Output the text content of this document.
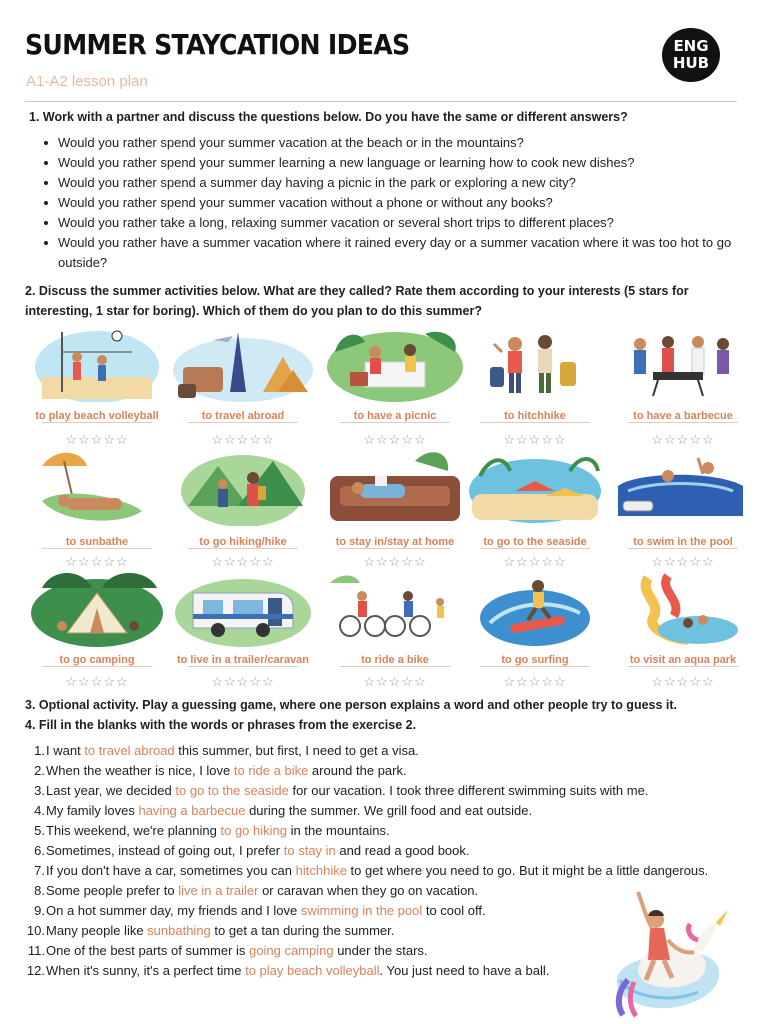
SUMMER STAYCATION IDEAS
A1-A2 lesson plan
ENG
HUB
1. Work with a partner and discuss the questions below. Do you have the same or different answers?
Would you rather spend your summer vacation at the beach or in the mountains?
Would you rather spend your summer learning a new language or learning how to cook new dishes?
Would you rather spend a summer day having a picnic in the park or exploring a new city?
Would you rather spend your summer vacation without a phone or without any books?
Would you rather take a long, relaxing summer vacation or several short trips to different places?
Would you rather have a summer vacation where it rained every day or a summer vacation where it was too hot to go outside?
2. Discuss the summer activities below. What are they called? Rate them according to your interests (5 stars for interesting, 1 star for boring). Which of them do you plan to do this summer?
to play beach volleyball
☆☆☆☆☆
to travel abroad
☆☆☆☆☆
to have a picnic
☆☆☆☆☆
to hitchhike
☆☆☆☆☆
to have a barbecue
☆☆☆☆☆
to sunbathe
☆☆☆☆☆
to go hiking/hike
☆☆☆☆☆
to stay in/stay at home
☆☆☆☆☆
to go to the seaside
☆☆☆☆☆
to swim in the pool
☆☆☆☆☆
to go camping
☆☆☆☆☆
to live in a trailer/caravan
☆☆☆☆☆
to ride a bike
☆☆☆☆☆
to go surfing
☆☆☆☆☆
to visit an aqua park
☆☆☆☆☆
3. Optional activity. Play a guessing game, where one person explains a word and other people try to guess it.
4. Fill in the blanks with the words or phrases from the exercise 2.
1. I want to travel abroad this summer, but first, I need to get a visa.
2. When the weather is nice, I love to ride a bike around the park.
3. Last year, we decided to go to the seaside for our vacation. I took three different swimming suits with me.
4. My family loves having a barbecue during the summer. We grill food and eat outside.
5. This weekend, we're planning to go hiking in the mountains.
6. Sometimes, instead of going out, I prefer to stay in and read a good book.
7. If you don't have a car, sometimes you can hitchhike to get where you need to go. But it might be a little dangerous.
8. Some people prefer to live in a trailer or caravan when they go on vacation.
9. On a hot summer day, my friends and I love swimming in the pool to cool off.
10. Many people like sunbathing to get a tan during the summer.
11. One of the best parts of summer is going camping under the stars.
12. When it's sunny, it's a perfect time to play beach volleyball . You just need to have a ball.
